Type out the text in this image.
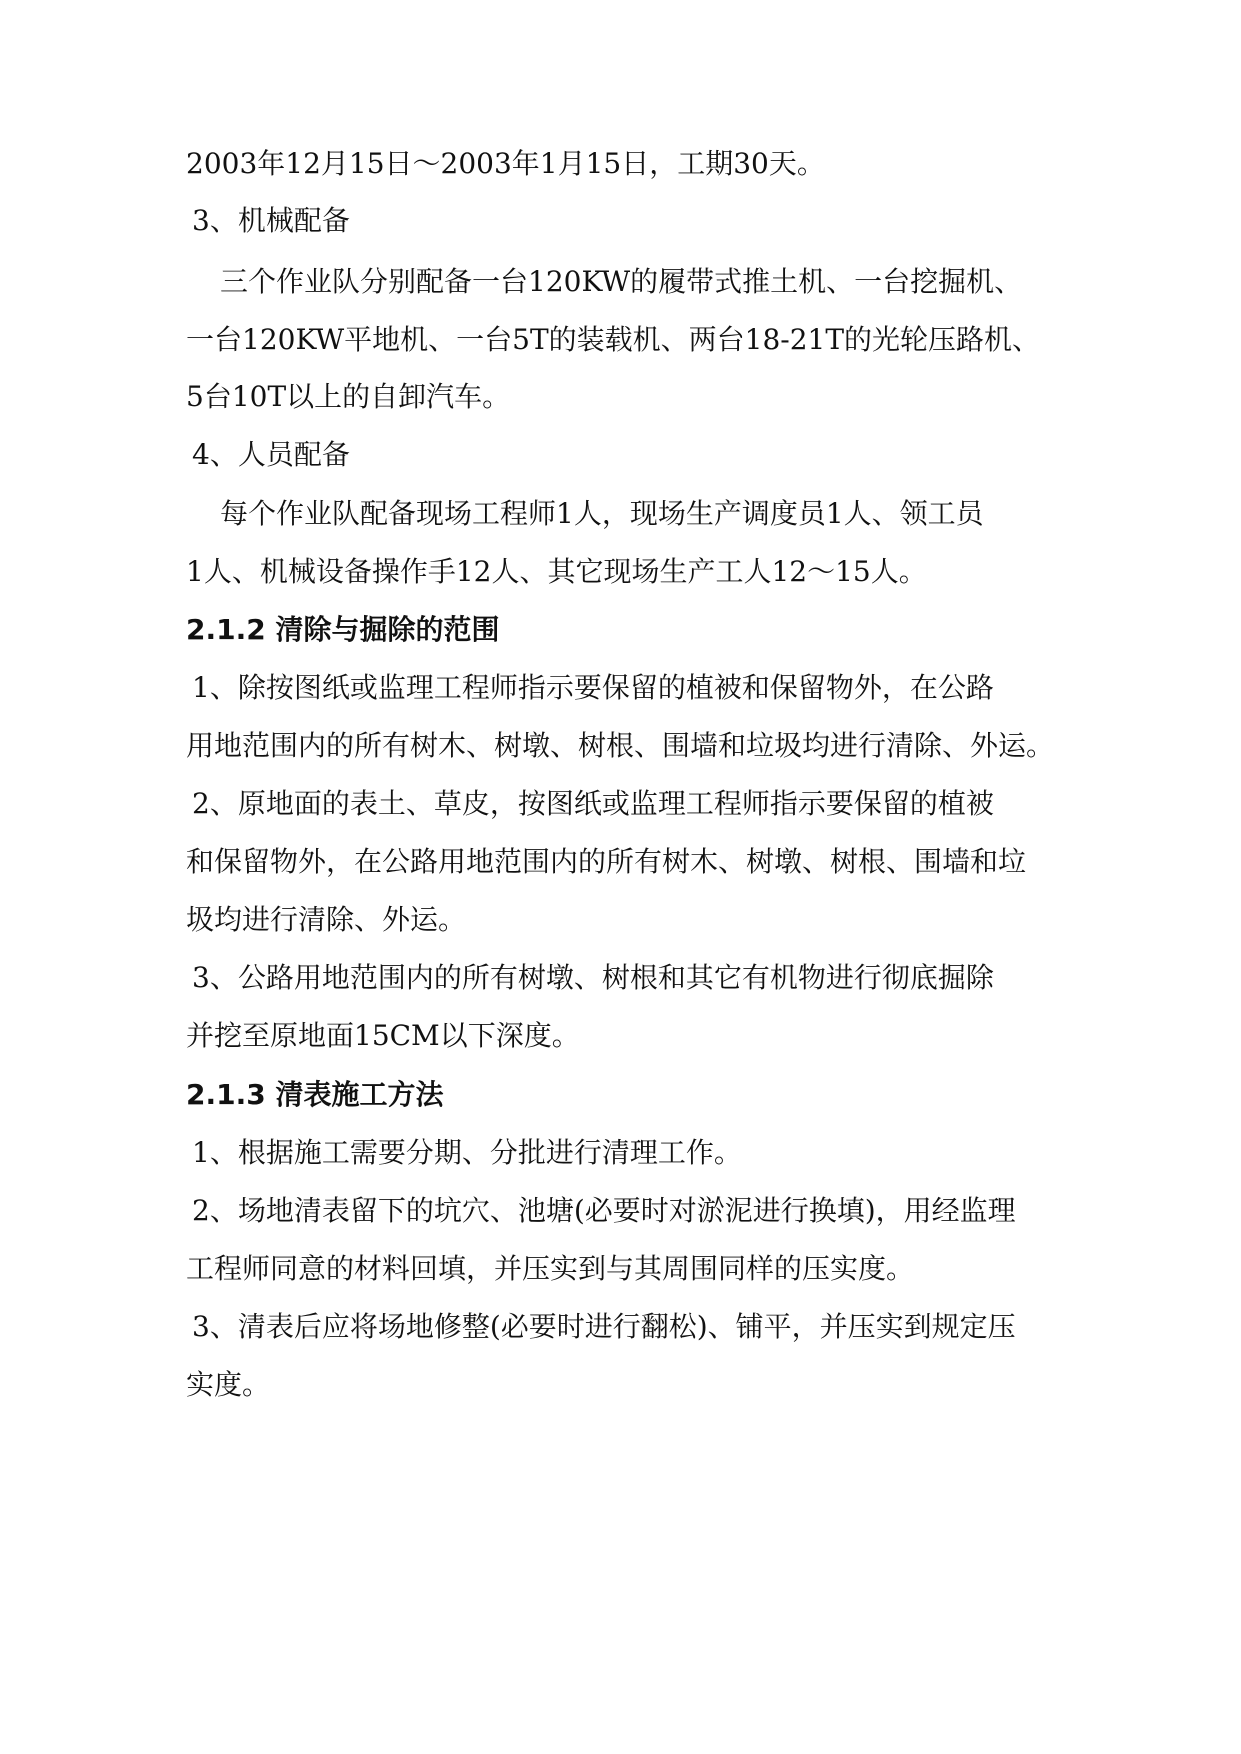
2003年12月15日～2003年1月15日，工期30天。
3、机械配备
三个作业队分别配备一台120KW的履带式推土机、一台挖掘机、
一台120KW平地机、一台5T的装载机、两台18-21T的光轮压路机、
5台10T以上的自卸汽车。
4、人员配备
每个作业队配备现场工程师1人，现场生产调度员1人、领工员
1人、机械设备操作手12人、其它现场生产工人12～15人。
2.1.2 清除与掘除的范围
1、除按图纸或监理工程师指示要保留的植被和保留物外，在公路
用地范围内的所有树木、树墩、树根、围墙和垃圾均进行清除、外运。
2、原地面的表土、草皮，按图纸或监理工程师指示要保留的植被
和保留物外，在公路用地范围内的所有树木、树墩、树根、围墙和垃
圾均进行清除、外运。
3、公路用地范围内的所有树墩、树根和其它有机物进行彻底掘除
并挖至原地面15CM以下深度。
2.1.3 清表施工方法
1、根据施工需要分期、分批进行清理工作。
2、场地清表留下的坑穴、池塘(必要时对淤泥进行换填)，用经监理
工程师同意的材料回填，并压实到与其周围同样的压实度。
3、清表后应将场地修整(必要时进行翻松)、铺平，并压实到规定压
实度。
